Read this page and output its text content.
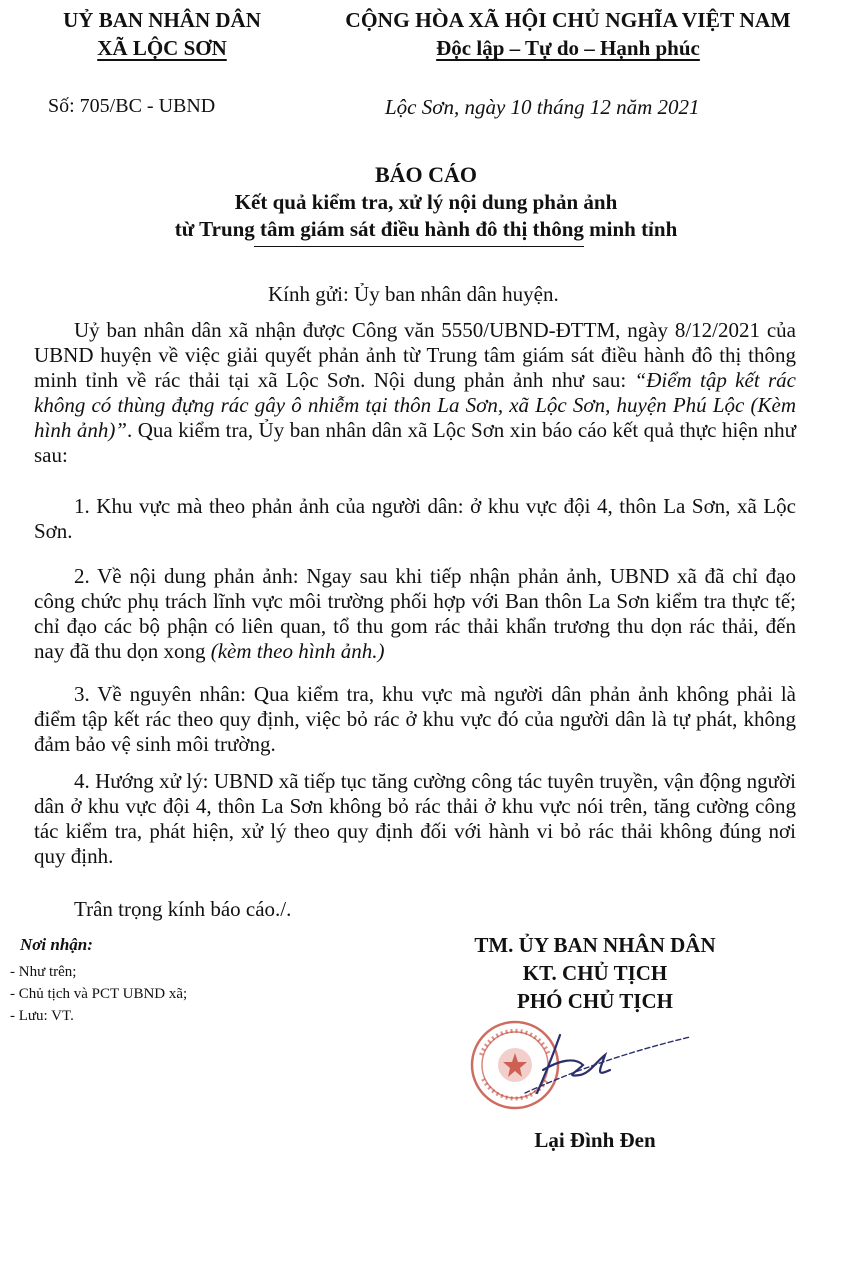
UỶ BAN NHÂN DÂN
XÃ LỘC SƠN
CỘNG HÒA XÃ HỘI CHỦ NGHĨA VIỆT NAM
Độc lập – Tự do – Hạnh phúc
Số: 705/BC - UBND	Lộc Sơn, ngày 10 tháng 12 năm 2021
BÁO CÁO
Kết quả kiểm tra, xử lý nội dung phản ảnh
từ Trung tâm giám sát điều hành đô thị thông minh tỉnh
Kính gửi: Ủy ban nhân dân huyện.
Uỷ ban nhân dân xã nhận được Công văn 5550/UBND-ĐTTM, ngày 8/12/2021 của UBND huyện về việc giải quyết phản ảnh từ Trung tâm giám sát điều hành đô thị thông minh tỉnh về rác thải tại xã Lộc Sơn. Nội dung phản ảnh như sau: “Điểm tập kết rác không có thùng đựng rác gây ô nhiễm tại thôn La Sơn, xã Lộc Sơn, huyện Phú Lộc (Kèm hình ảnh)”. Qua kiểm tra, Ủy ban nhân dân xã Lộc Sơn xin báo cáo kết quả thực hiện như sau:
1. Khu vực mà theo phản ảnh của người dân: ở khu vực đội 4, thôn La Sơn, xã Lộc Sơn.
2. Về nội dung phản ảnh: Ngay sau khi tiếp nhận phản ảnh, UBND xã đã chỉ đạo công chức phụ trách lĩnh vực môi trường phối hợp với Ban thôn La Sơn kiểm tra thực tế; chỉ đạo các bộ phận có liên quan, tổ thu gom rác thải khẩn trương thu dọn rác thải, đến nay đã thu dọn xong (kèm theo hình ảnh.)
3. Về nguyên nhân: Qua kiểm tra, khu vực mà người dân phản ảnh không phải là điểm tập kết rác theo quy định, việc bỏ rác ở khu vực đó của người dân là tự phát, không đảm bảo vệ sinh môi trường.
4. Hướng xử lý: UBND xã tiếp tục tăng cường công tác tuyên truyền, vận động người dân ở khu vực đội 4, thôn La Sơn không bỏ rác thải ở khu vực nói trên, tăng cường công tác kiểm tra, phát hiện, xử lý theo quy định đối với hành vi bỏ rác thải không đúng nơi quy định.
Trân trọng kính báo cáo./.
Nơi nhận:
- Như trên;
- Chủ tịch và PCT UBND xã;
- Lưu: VT.
TM. ỦY BAN NHÂN DÂN
KT. CHỦ TỊCH
PHÓ CHỦ TỊCH
Lại Đình Đen
